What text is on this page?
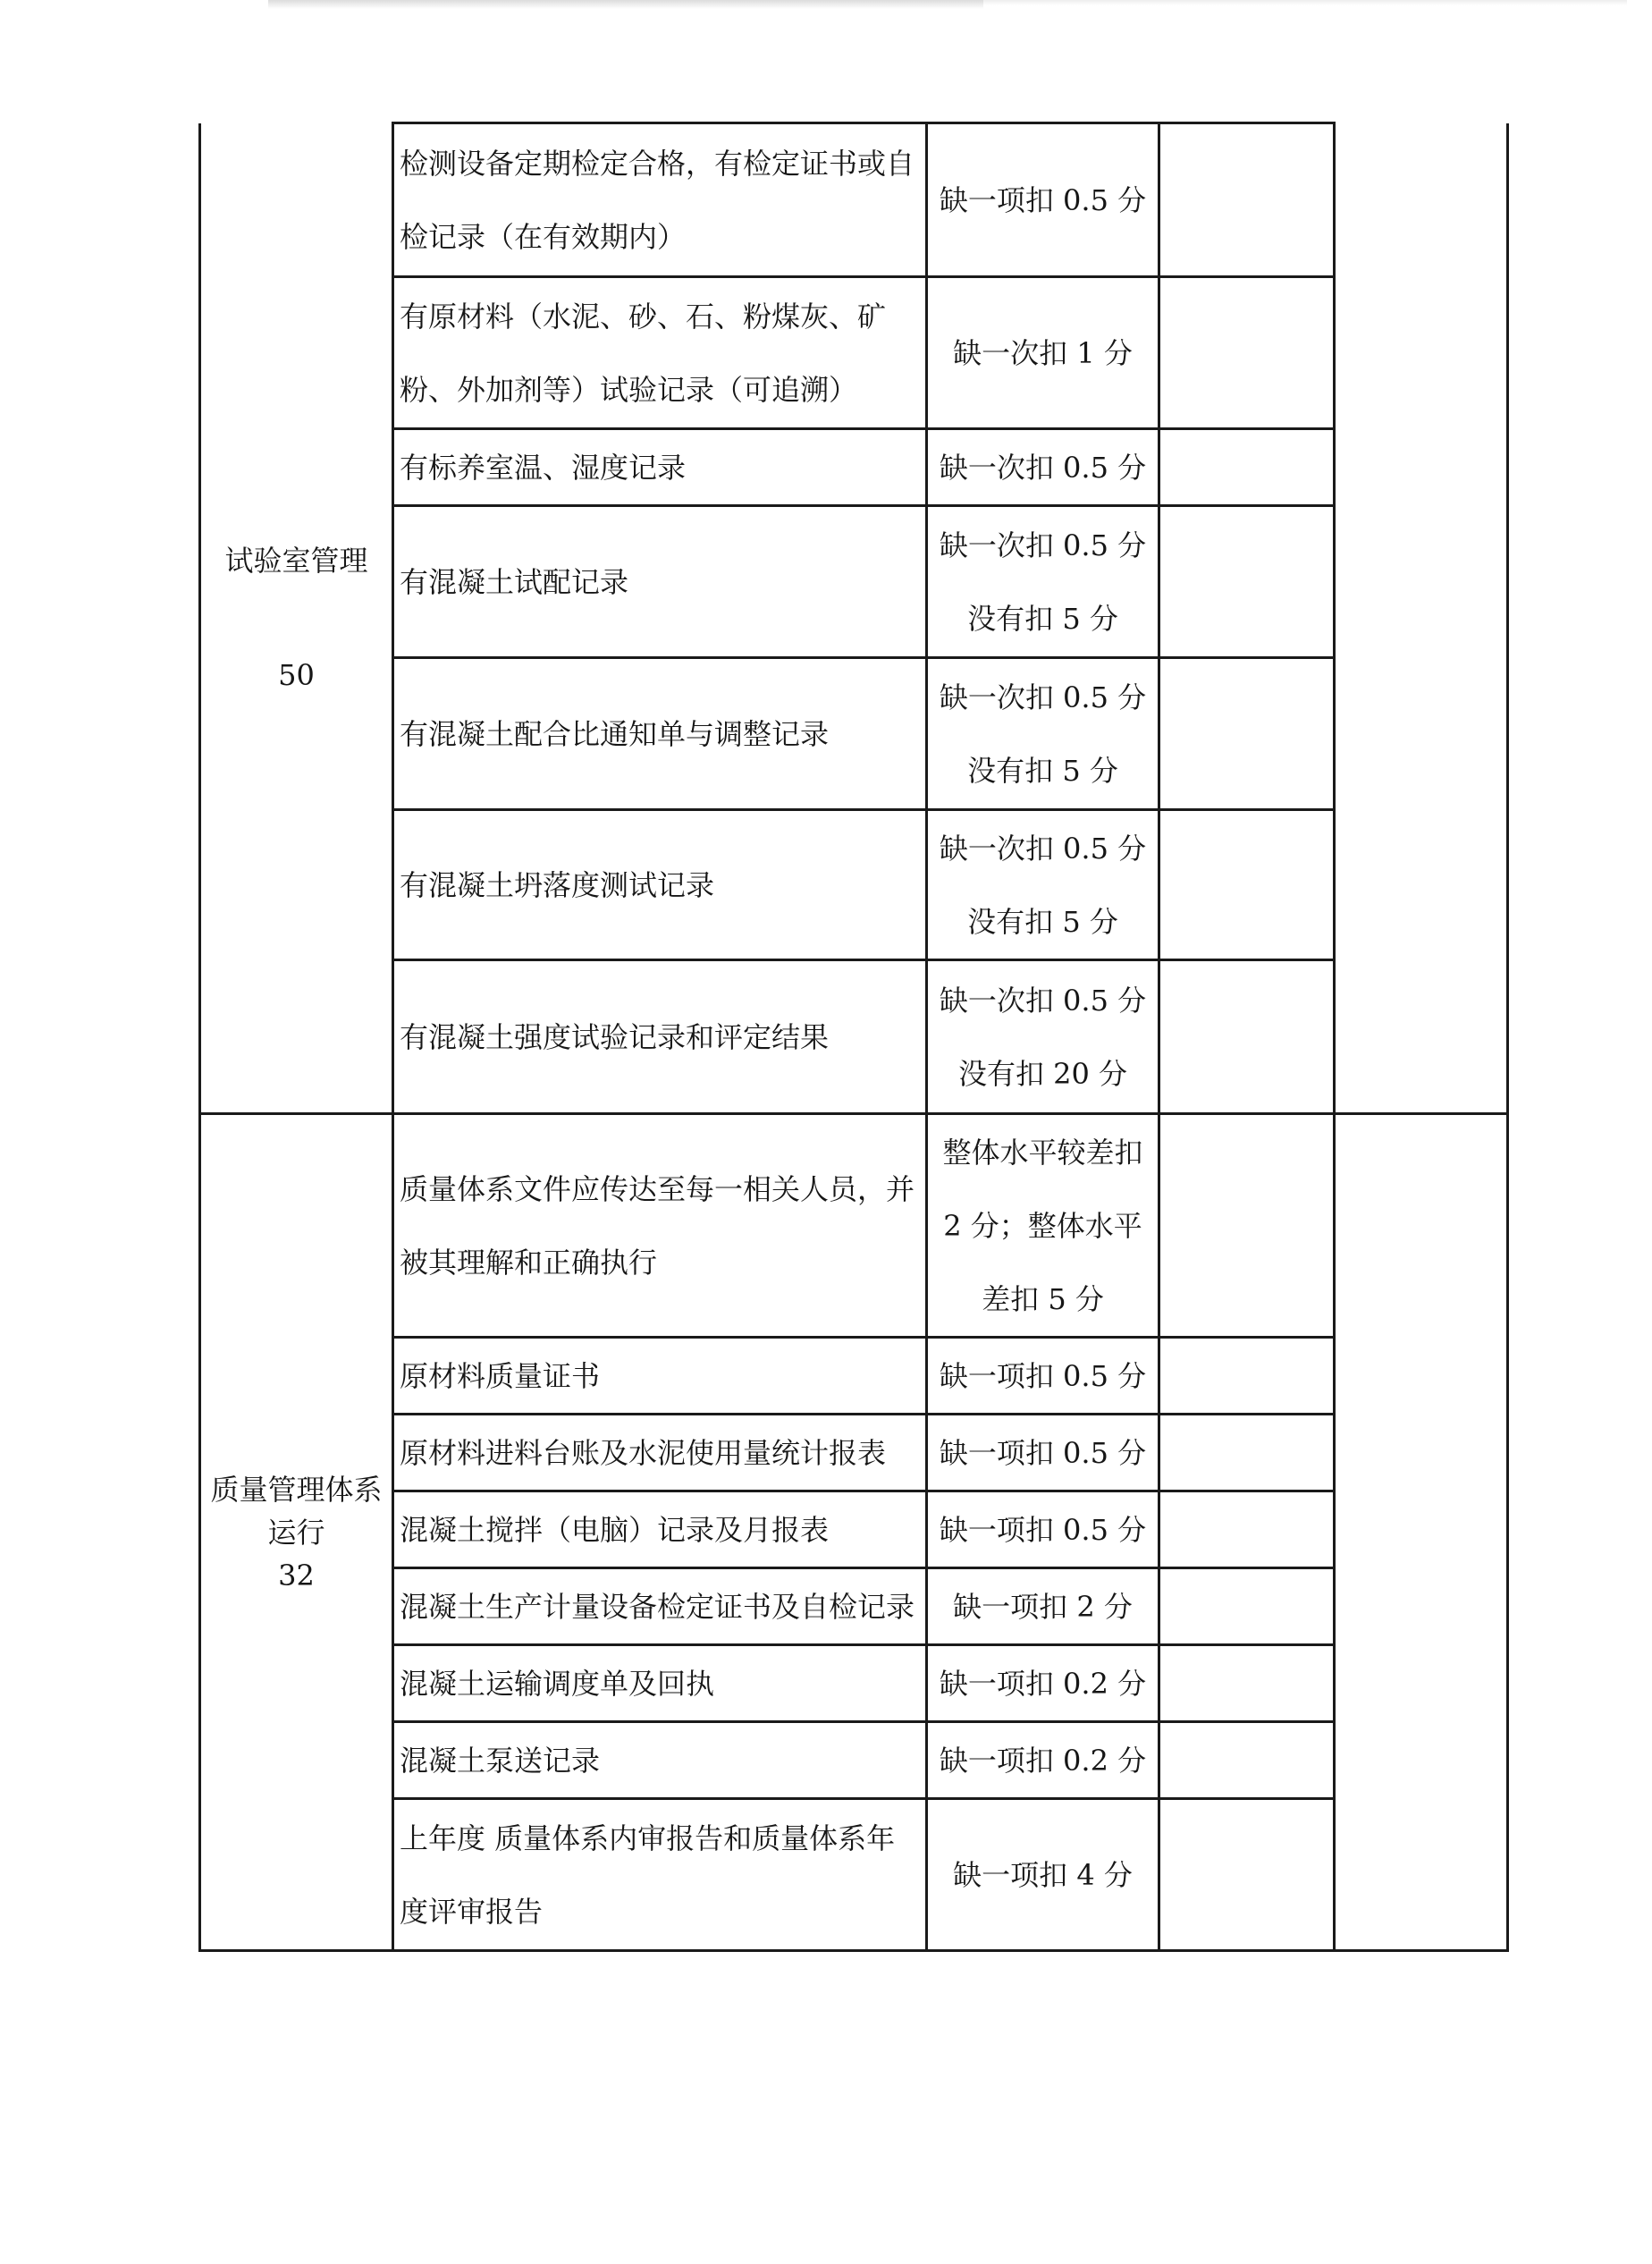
试验室管理
50	检测设备定期检定合格，有检定证书或自检记录（在有效期内）	缺一项扣 0.5 分		
	有原材料（水泥、砂、石、粉煤灰、矿粉、外加剂等）试验记录（可追溯）	缺一次扣 1 分		
	有标养室温、湿度记录	缺一次扣 0.5 分		
	有混凝土试配记录	缺一次扣 0.5 分没有扣 5 分		
	有混凝土配合比通知单与调整记录	缺一次扣 0.5 分没有扣 5 分		
	有混凝土坍落度测试记录	缺一次扣 0.5 分没有扣 5 分		
	有混凝土强度试验记录和评定结果	缺一次扣 0.5 分没有扣 20 分		

质量管理体系运行
32	质量体系文件应传达至每一相关人员，并被其理解和正确执行	整体水平较差扣 2 分；整体水平差扣 5 分		
	原材料质量证书	缺一项扣 0.5 分		
	原材料进料台账及水泥使用量统计报表	缺一项扣 0.5 分		
	混凝土搅拌（电脑）记录及月报表	缺一项扣 0.5 分		
	混凝土生产计量设备检定证书及自检记录	缺一项扣 2 分		
	混凝土运输调度单及回执	缺一项扣 0.2 分		
	混凝土泵送记录	缺一项扣 0.2 分		
	上年度 质量体系内审报告和质量体系年度评审报告	缺一项扣 4 分		
